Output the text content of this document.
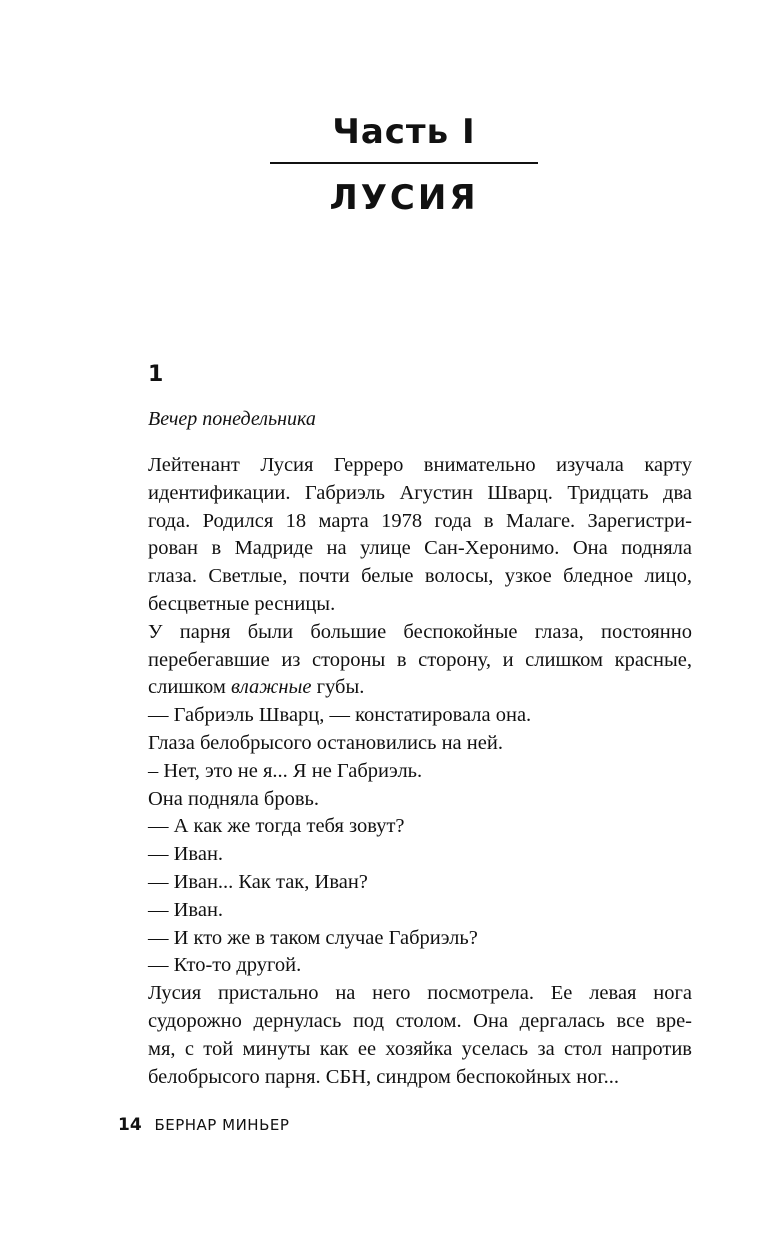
Часть I
ЛУСИЯ
1
Вечер понедельника

Лейтенант Лусия Герреро внимательно изучала карту

идентификации. Габриэль Агустин Шварц. Тридцать два

года. Родился 18 марта 1978 года в Малаге. Зарегистри-

рован в Мадриде на улице Сан-Херонимо. Она подняла

глаза. Светлые, почти белые волосы, узкое бледное лицо,

бесцветные ресницы.

У парня были большие беспокойные глаза, постоянно

перебегавшие из стороны в сторону, и слишком красные,

слишком влажные губы.

— Габриэль Шварц, — констатировала она.

Глаза белобрысого остановились на ней.

– Нет, это не я... Я не Габриэль.

Она подняла бровь.

— А как же тогда тебя зовут?

— Иван.

— Иван... Как так, Иван?

— Иван.

— И кто же в таком случае Габриэль?

— Кто-то другой.

Лусия пристально на него посмотрела. Ее левая нога

судорожно дернулась под столом. Она дергалась все вре-

мя, с той минуты как ее хозяйка уселась за стол напротив

белобрысого парня. СБН, синдром беспокойных ног...

14 БЕРНАР МИНЬЕР
